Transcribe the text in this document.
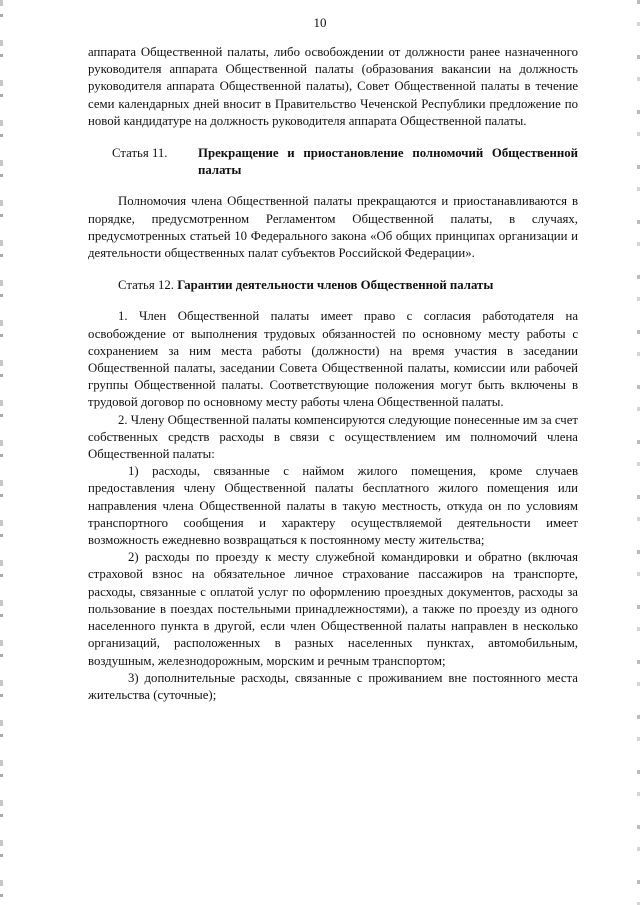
10

аппарата Общественной палаты, либо освобождении от должности ранее назначенного руководителя аппарата Общественной палаты (образования вакансии на должность руководителя аппарата Общественной палаты), Совет Общественной палаты в течение семи календарных дней вносит в Правительство Чеченской Республики предложение по новой кандидатуре на должность руководителя аппарата Общественной палаты.

Статья 11.	Прекращение и приостановление полномочий Общественной палаты

Полномочия члена Общественной палаты прекращаются и приостанавливаются в порядке, предусмотренном Регламентом Общественной палаты, в случаях, предусмотренных статьей 10 Федерального закона «Об общих принципах организации и деятельности общественных палат субъектов Российской Федерации».

Статья 12. Гарантии деятельности членов Общественной палаты

1. Член Общественной палаты имеет право с согласия работодателя на освобождение от выполнения трудовых обязанностей по основному месту работы с сохранением за ним места работы (должности) на время участия в заседании Общественной палаты, заседании Совета Общественной палаты, комиссии или рабочей группы Общественной палаты. Соответствующие положения могут быть включены в трудовой договор по основному месту работы члена Общественной палаты.

2. Члену Общественной палаты компенсируются следующие понесенные им за счет собственных средств расходы в связи с осуществлением им полномочий члена Общественной палаты:

1) расходы, связанные с наймом жилого помещения, кроме случаев предоставления члену Общественной палаты бесплатного жилого помещения или направления члена Общественной палаты в такую местность, откуда он по условиям транспортного сообщения и характеру осуществляемой деятельности имеет возможность ежедневно возвращаться к постоянному месту жительства;

2) расходы по проезду к месту служебной командировки и обратно (включая страховой взнос на обязательное личное страхование пассажиров на транспорте, расходы, связанные с оплатой услуг по оформлению проездных документов, расходы за пользование в поездах постельными принадлежностями), а также по проезду из одного населенного пункта в другой, если член Общественной палаты направлен в несколько организаций, расположенных в разных населенных пунктах, автомобильным, воздушным, железнодорожным, морским и речным транспортом;

3) дополнительные расходы, связанные с проживанием вне постоянного места жительства (суточные);
